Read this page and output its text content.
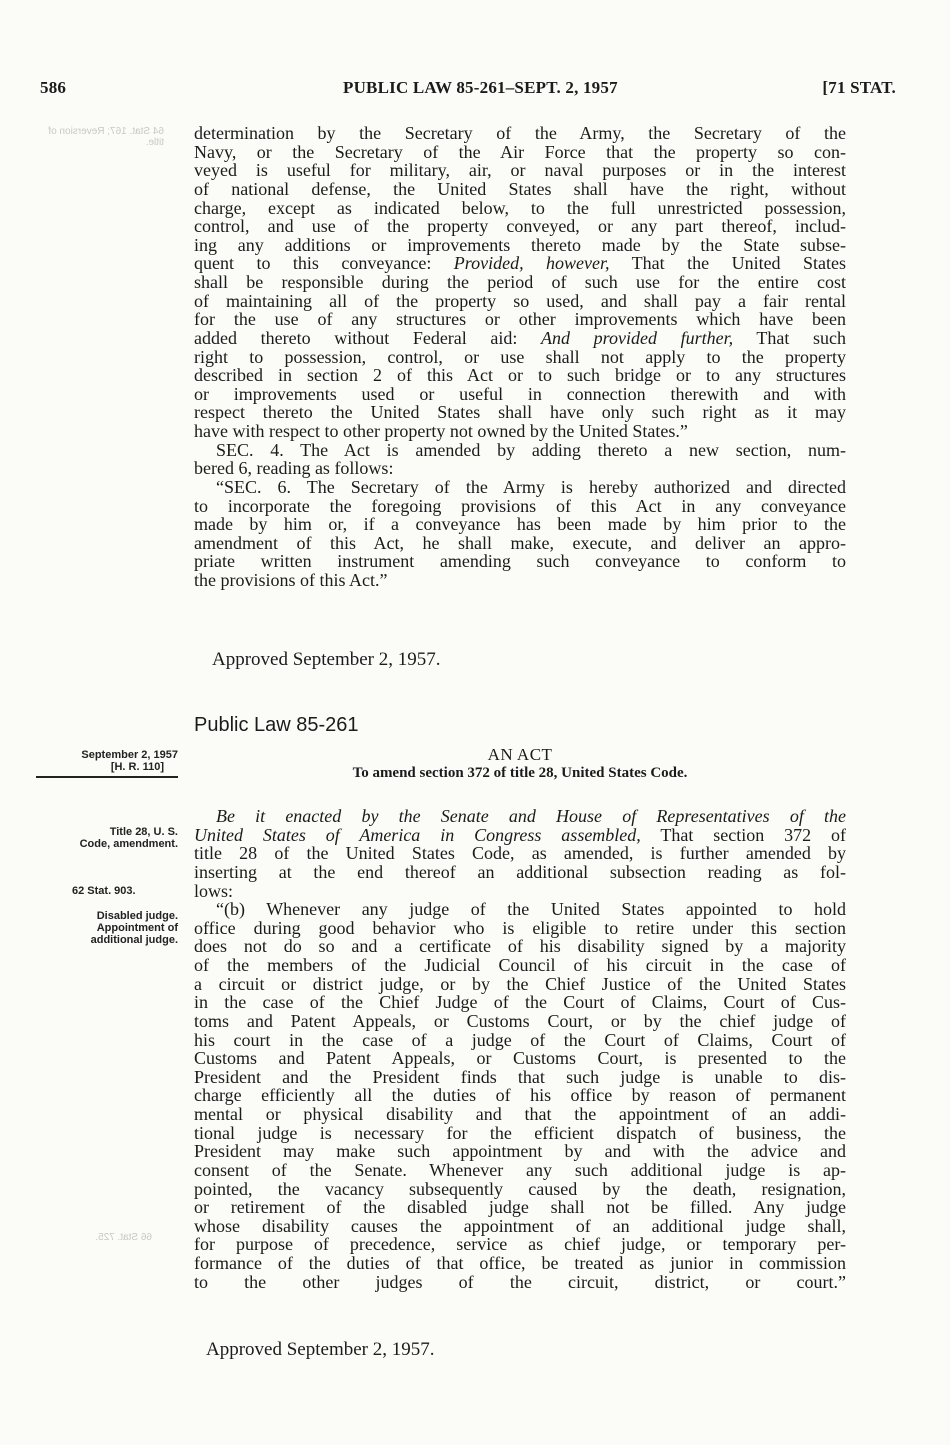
586	PUBLIC LAW 85-261–SEPT. 2, 1957	[71 STAT.
64 Stat. 167; Reversion of title.
66 Stat. 725.
determination by the Secretary of the Army, the Secretary of the
Navy, or the Secretary of the Air Force that the property so con-
veyed is useful for military, air, or naval purposes or in the interest
of national defense, the United States shall have the right, without
charge, except as indicated below, to the full unrestricted possession,
control, and use of the property conveyed, or any part thereof, includ-
ing any additions or improvements thereto made by the State subse-
quent to this conveyance: Provided, however, That the United States
shall be responsible during the period of such use for the entire cost
of maintaining all of the property so used, and shall pay a fair rental
for the use of any structures or other improvements which have been
added thereto without Federal aid: And provided further, That such
right to possession, control, or use shall not apply to the property
described in section 2 of this Act or to such bridge or to any structures
or improvements used or useful in connection therewith and with
respect thereto the United States shall have only such right as it may
have with respect to other property not owned by the United States.”
SEC. 4. The Act is amended by adding thereto a new section, num-
bered 6, reading as follows:
“SEC. 6. The Secretary of the Army is hereby authorized and directed
to incorporate the foregoing provisions of this Act in any conveyance
made by him or, if a conveyance has been made by him prior to the
amendment of this Act, he shall make, execute, and deliver an appro-
priate written instrument amending such conveyance to conform to
the provisions of this Act.”
Approved September 2, 1957.
Public Law 85-261
AN ACT
To amend section 372 of title 28, United States Code.
September 2, 1957
[H. R. 110]
Title 28, U. S.
Code, amendment.
62 Stat. 903.
Disabled judge.
Appointment of
additional judge.
Be it enacted by the Senate and House of Representatives of the
United States of America in Congress assembled, That section 372 of
title 28 of the United States Code, as amended, is further amended by
inserting at the end thereof an additional subsection reading as fol-
lows:
“(b) Whenever any judge of the United States appointed to hold
office during good behavior who is eligible to retire under this section
does not do so and a certificate of his disability signed by a majority
of the members of the Judicial Council of his circuit in the case of
a circuit or district judge, or by the Chief Justice of the United States
in the case of the Chief Judge of the Court of Claims, Court of Cus-
toms and Patent Appeals, or Customs Court, or by the chief judge of
his court in the case of a judge of the Court of Claims, Court of
Customs and Patent Appeals, or Customs Court, is presented to the
President and the President finds that such judge is unable to dis-
charge efficiently all the duties of his office by reason of permanent
mental or physical disability and that the appointment of an addi-
tional judge is necessary for the efficient dispatch of business, the
President may make such appointment by and with the advice and
consent of the Senate. Whenever any such additional judge is ap-
pointed, the vacancy subsequently caused by the death, resignation,
or retirement of the disabled judge shall not be filled. Any judge
whose disability causes the appointment of an additional judge shall,
for purpose of precedence, service as chief judge, or temporary per-
formance of the duties of that office, be treated as junior in commission
to the other judges of the circuit, district, or court.”
Approved September 2, 1957.
